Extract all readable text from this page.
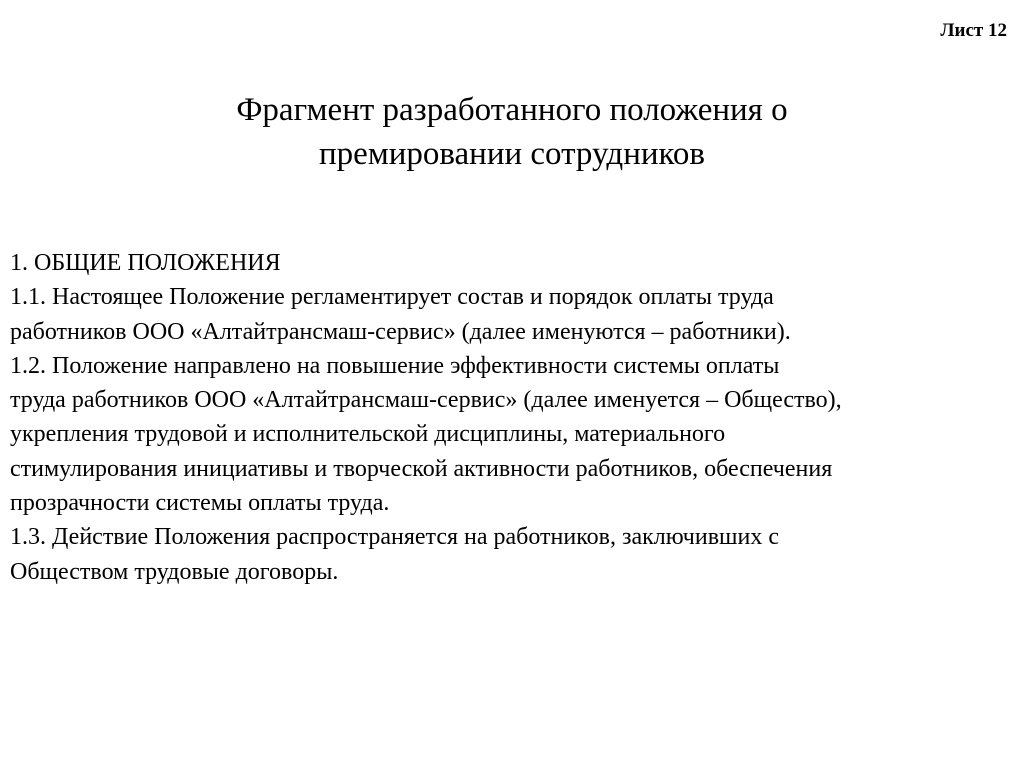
Лист 12
Фрагмент разработанного положения о
премировании сотрудников
1. ОБЩИЕ ПОЛОЖЕНИЯ
1.1. Настоящее Положение регламентирует состав и порядок оплаты труда
работников ООО «Алтайтрансмаш-сервис» (далее именуются – работники).
1.2. Положение направлено на повышение эффективности системы оплаты
труда работников ООО «Алтайтрансмаш-сервис» (далее именуется – Общество),
укрепления трудовой и исполнительской дисциплины, материального
стимулирования инициативы и творческой активности работников, обеспечения
прозрачности системы оплаты труда.
1.3. Действие Положения распространяется на работников, заключивших с
Обществом трудовые договоры.
